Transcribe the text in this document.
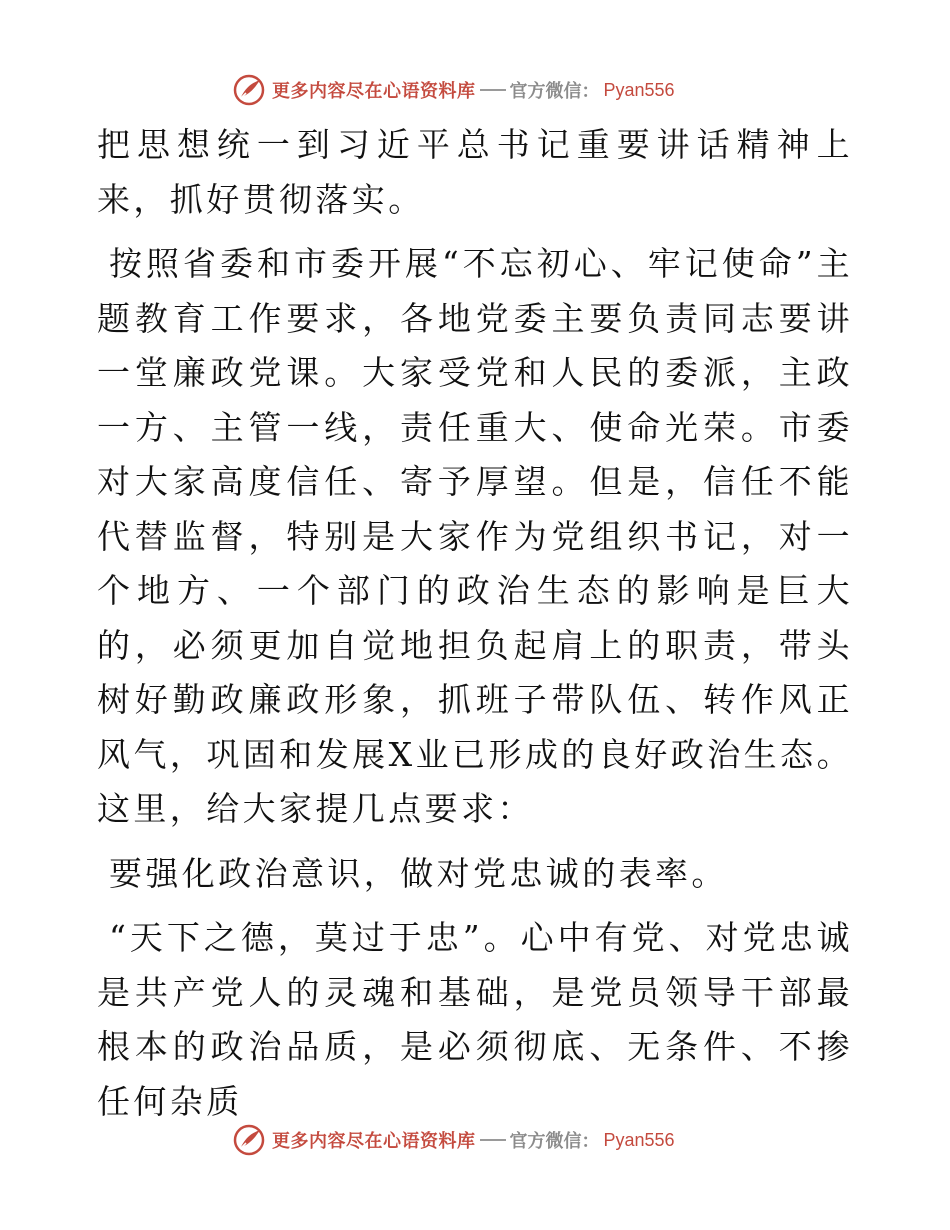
更多内容尽在心语资料库 官方微信： Pyan556

把思想统一到习近平总书记重要讲话精神上来，抓好贯彻落实。

按照省委和市委开展“不忘初心、牢记使命”主题教育工作要求，各地党委主要负责同志要讲一堂廉政党课。大家受党和人民的委派，主政一方、主管一线，责任重大、使命光荣。市委对大家高度信任、寄予厚望。但是，信任不能代替监督，特别是大家作为党组织书记，对一个地方、一个部门的政治生态的影响是巨大的，必须更加自觉地担负起肩上的职责，带头树好勤政廉政形象，抓班子带队伍、转作风正风气，巩固和发展X业已形成的良好政治生态。这里，给大家提几点要求：

要强化政治意识，做对党忠诚的表率。

“天下之德，莫过于忠”。心中有党、对党忠诚是共产党人的灵魂和基础，是党员领导干部最根本的政治品质，是必须彻底、无条件、不掺任何杂质

更多内容尽在心语资料库 官方微信： Pyan556
